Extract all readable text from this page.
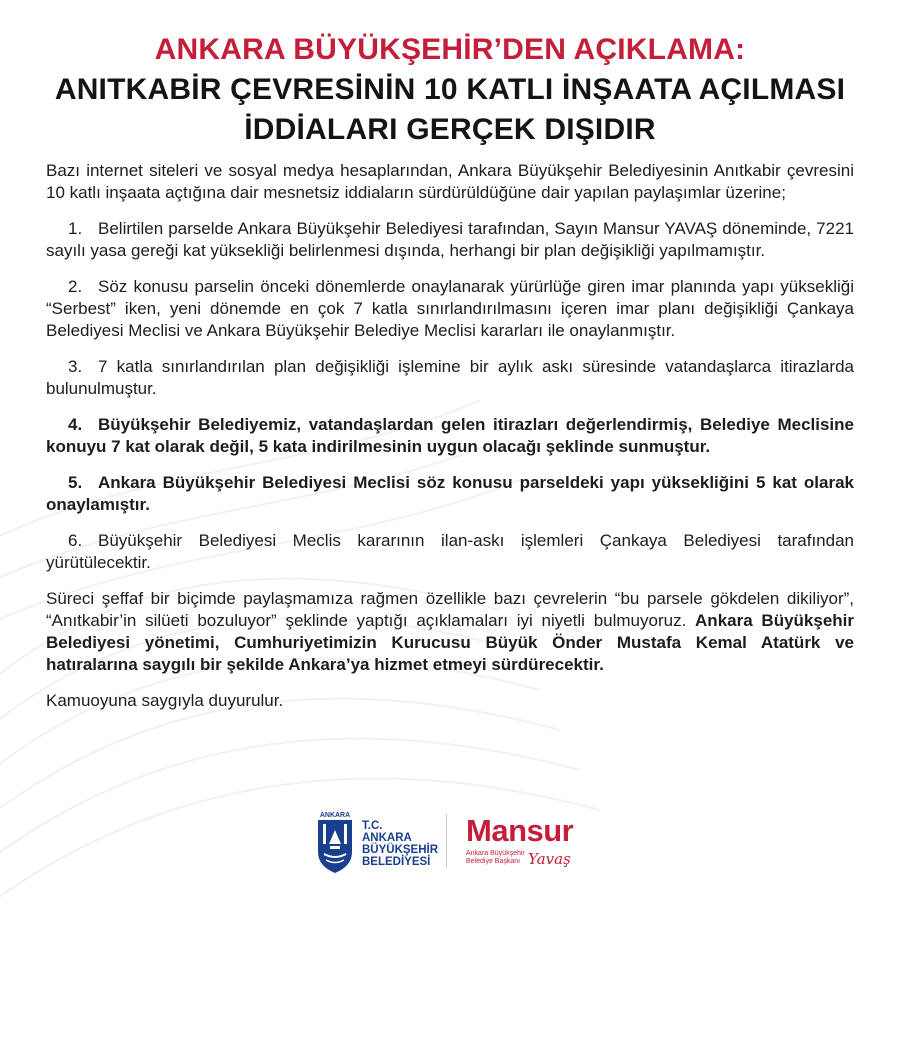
ANKARA BÜYÜKŞEHİR’DEN AÇIKLAMA:
ANITKABİR ÇEVRESİNİN 10 KATLI İNŞAATA AÇILMASI
İDDİALARI GERÇEK DIŞIDIR

Bazı internet siteleri ve sosyal medya hesaplarından, Ankara Büyükşehir Belediyesinin Anıtkabir çevresini 10 katlı inşaata açtığına dair mesnetsiz iddiaların sürdürüldüğüne dair yapılan paylaşımlar üzerine;

1. Belirtilen parselde Ankara Büyükşehir Belediyesi tarafından, Sayın Mansur YAVAŞ döneminde, 7221 sayılı yasa gereği kat yüksekliği belirlenmesi dışında, herhangi bir plan değişikliği yapılmamıştır.

2. Söz konusu parselin önceki dönemlerde onaylanarak yürürlüğe giren imar planında yapı yüksekliği “Serbest” iken, yeni dönemde en çok 7 katla sınırlandırılmasını içeren imar planı değişikliği Çankaya Belediyesi Meclisi ve Ankara Büyükşehir Belediye Meclisi kararları ile onaylanmıştır.

3. 7 katla sınırlandırılan plan değişikliği işlemine bir aylık askı süresinde vatandaşlarca itirazlarda bulunulmuştur.

4. Büyükşehir Belediyemiz, vatandaşlardan gelen itirazları değerlendirmiş, Belediye Meclisine konuyu 7 kat olarak değil, 5 kata indirilmesinin uygun olacağı şeklinde sunmuştur.

5. Ankara Büyükşehir Belediyesi Meclisi söz konusu parseldeki yapı yüksekliğini 5 kat olarak onaylamıştır.

6. Büyükşehir Belediyesi Meclis kararının ilan-askı işlemleri Çankaya Belediyesi tarafından yürütülecektir.

Süreci şeffaf bir biçimde paylaşmamıza rağmen özellikle bazı çevrelerin “bu parsele gökdelen dikiliyor”, “Anıtkabir’in silüeti bozuluyor” şeklinde yaptığı açıklamaları iyi niyetli bulmuyoruz. Ankara Büyükşehir Belediyesi yönetimi, Cumhuriyetimizin Kurucusu Büyük Önder Mustafa Kemal Atatürk ve hatıralarına saygılı bir şekilde Ankara’ya hizmet etmeyi sürdürecektir.

Kamuoyuna saygıyla duyurulur.

ANKARA
T.C.
ANKARA
BÜYÜKŞEHİR
BELEDİYESİ
Mansur
Ankara Büyükşehir
Belediye Başkanı Yavaş
